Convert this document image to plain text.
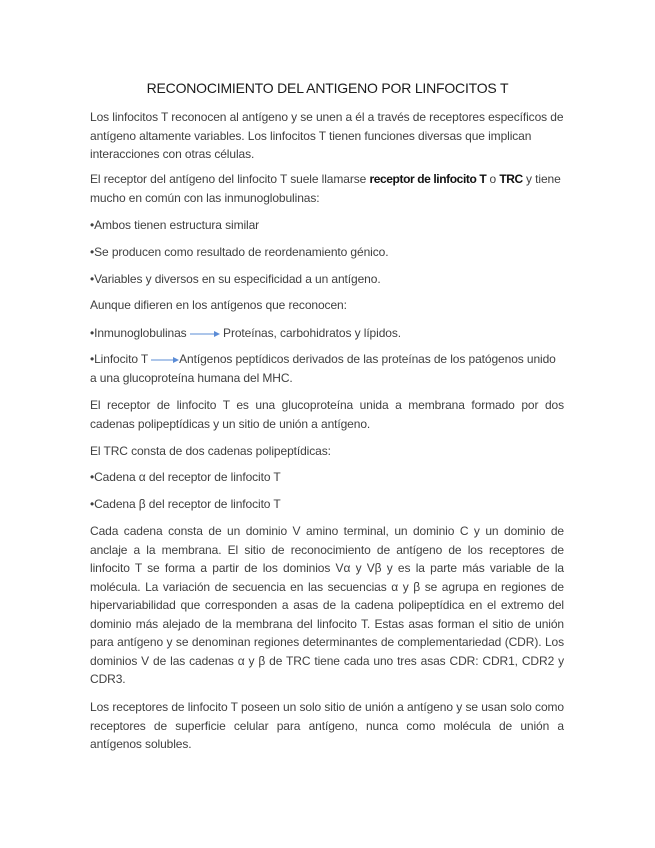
RECONOCIMIENTO DEL ANTIGENO POR LINFOCITOS T

Los linfocitos T reconocen al antígeno y se unen a él a través de receptores específicos de antígeno altamente variables. Los linfocitos T tienen funciones diversas que implican interacciones con otras células.

El receptor del antígeno del linfocito T suele llamarse receptor de linfocito T o TRC y tiene mucho en común con las inmunoglobulinas:

•Ambos tienen estructura similar

•Se producen como resultado de reordenamiento génico.

•Variables y diversos en su especificidad a un antígeno.

Aunque difieren en los antígenos que reconocen:

•Inmunoglobulinas	Proteínas, carbohidratos y lípidos.

•Linfocito T	Antígenos peptídicos derivados de las proteínas de los patógenos unido a una glucoproteína humana del MHC.

El receptor de linfocito T es una glucoproteína unida a membrana formado por dos cadenas polipeptídicas y un sitio de unión a antígeno.

El TRC consta de dos cadenas polipeptídicas:

•Cadena α del receptor de linfocito T

•Cadena β del receptor de linfocito T

Cada cadena consta de un dominio V amino terminal, un dominio C y un dominio de anclaje a la membrana. El sitio de reconocimiento de antígeno de los receptores de linfocito T se forma a partir de los dominios Vα y Vβ y es la parte más variable de la molécula. La variación de secuencia en las secuencias α y β se agrupa en regiones de hipervariabilidad que corresponden a asas de la cadena polipeptídica en el extremo del dominio más alejado de la membrana del linfocito T. Estas asas forman el sitio de unión para antígeno y se denominan regiones determinantes de complementariedad (CDR). Los dominios V de las cadenas α y β de TRC tiene cada uno tres asas CDR: CDR1, CDR2 y CDR3.

Los receptores de linfocito T poseen un solo sitio de unión a antígeno y se usan solo como receptores de superficie celular para antígeno, nunca como molécula de unión a antígenos solubles.
